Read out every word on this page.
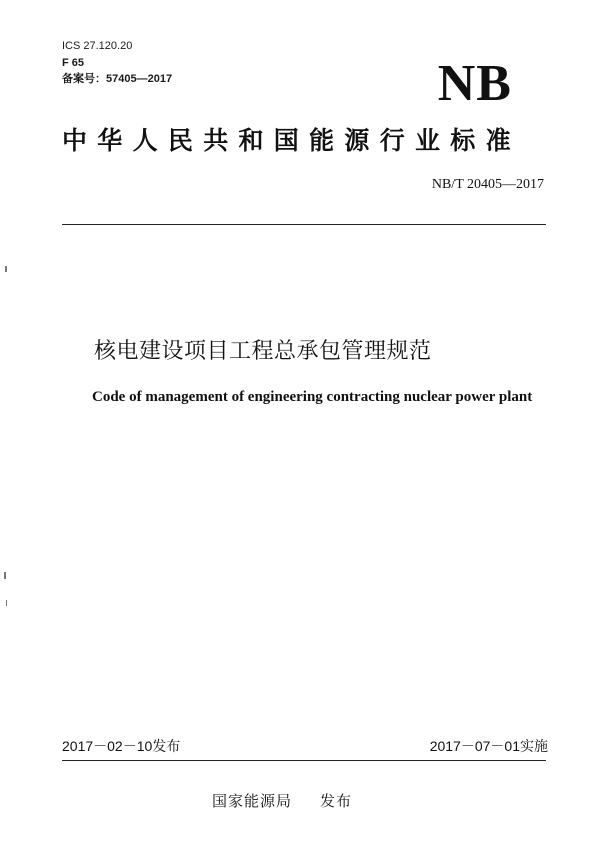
ICS 27.120.20
F 65
备案号：57405—2017	NB
中华人民共和国能源行业标准
NB/T 20405—2017
核电建设项目工程总承包管理规范
Code of management of engineering contracting nuclear power plant
2017－02－10发布	2017－07－01实施
国家能源局 发布
